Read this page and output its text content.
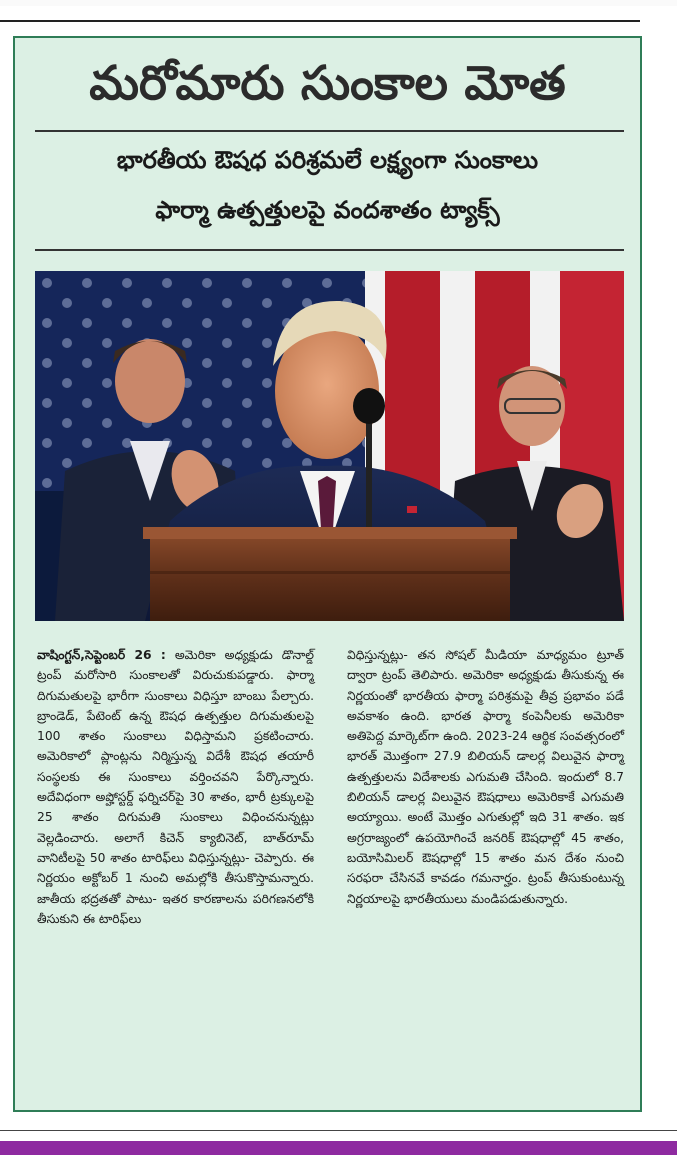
మరోమారు సుంకాల మోత
భారతీయ ఔషధ పరిశ్రమలే లక్ష్యంగా సుంకాలు
ఫార్మా ఉత్పత్తులపై వందశాతం ట్యాక్స్
వాషింగ్టన్,సెప్టెంబర్ 26 : అమెరికా అధ్యక్షుడు డొనాల్డ్ ట్రంప్ మరోసారి సుంకాలతో విరుచుకుపడ్డారు. ఫార్మా దిగుమతులపై భారీగా సుంకాలు విధిస్తూ బాంబు పేల్చారు. బ్రాండెడ్, పేటెంట్ ఉన్న ఔషధ ఉత్పత్తుల దిగుమతులపై 100 శాతం సుంకాలు విధిస్తామని ప్రకటించారు. అమెరికాలో ప్లాంట్లను నిర్మిస్తున్న విదేశీ ఔషధ తయారీ సంస్థలకు ఈ సుంకాలు వర్తించవని పేర్కొన్నారు. అదేవిధంగా అప్హోస్టర్డ్ ఫర్నిచర్‌పై 30 శాతం, భారీ ట్రక్కులపై 25 శాతం దిగుమతి సుంకాలు విధించనున్నట్లు వెల్లడించారు. అలాగే కిచెన్ క్యాబినెట్, బాత్‌రూమ్ వానిటీలపై 50 శాతం టారిఫ్‌లు విధిస్తున్నట్లు- చెప్పారు. ఈ నిర్ణయం అక్టోబర్ 1 నుంచి అమల్లోకి తీసుకొస్తామన్నారు. జాతీయ భద్రతతో పాటు- ఇతర కారణాలను పరిగణనలోకి తీసుకుని ఈ టారిఫ్‌లు
విధిస్తున్నట్లు- తన సోషల్ మీడియా మాధ్యమం ట్రూత్ ద్వారా ట్రంప్ తెలిపారు. అమెరికా అధ్యక్షుడు తీసుకున్న ఈ నిర్ణయంతో భారతీయ ఫార్మా పరిశ్రమపై తీవ్ర ప్రభావం పడే అవకాశం ఉంది. భారత ఫార్మా కంపెనీలకు అమెరికా అతిపెద్ద మార్కెట్‌గా ఉంది. 2023-24 ఆర్థిక సంవత్సరంలో భారత్ మొత్తంగా 27.9 బిలియన్ డాలర్ల విలువైన ఫార్మా ఉత్పత్తులను విదేశాలకు ఎగుమతి చేసింది. ఇందులో 8.7 బిలియన్ డాలర్ల విలువైన ఔషధాలు అమెరికాకే ఎగుమతి అయ్యాయి. అంటే మొత్తం ఎగుతుల్లో ఇది 31 శాతం. ఇక అగ్రరాజ్యంలో ఉపయోగించే జనరిక్ ఔషధాల్లో 45 శాతం, బయోసిమిలర్ ఔషధాల్లో 15 శాతం మన దేశం నుంచి సరఫరా చేసినవే కావడం గమనార్హం. ట్రంప్ తీసుకుంటున్న నిర్ణయాలపై భారతీయులు మండిపడుతున్నారు.
